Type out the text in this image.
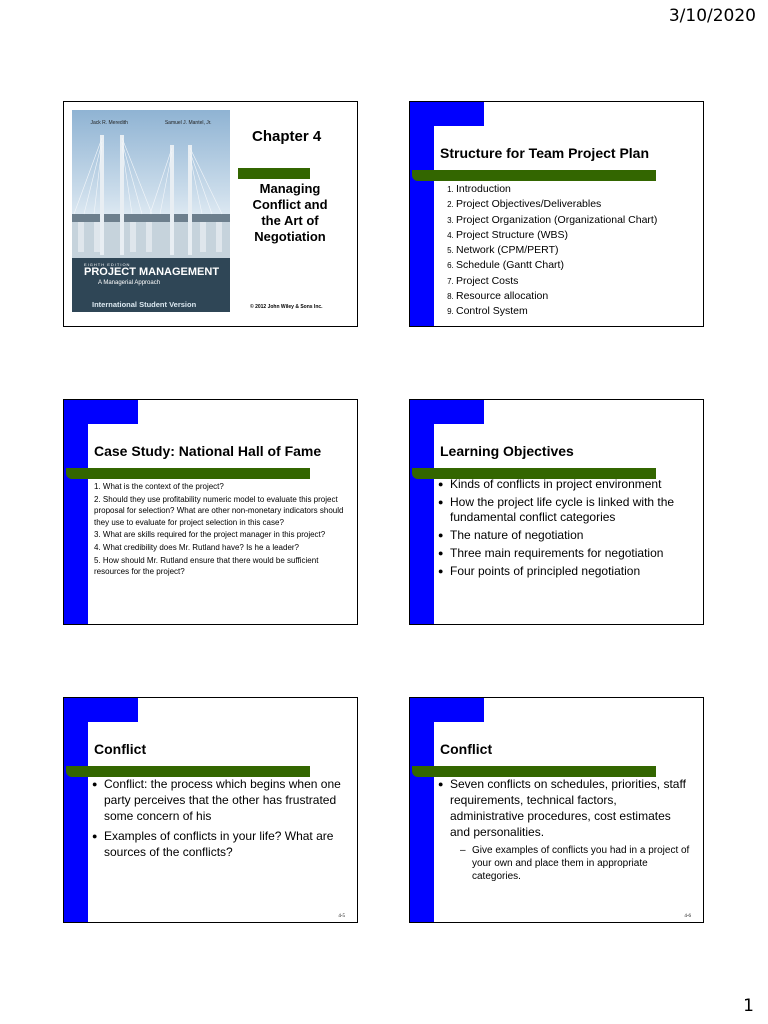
3/10/2020
Jack R. Meredith	Samuel J. Mantel, Jr.
EIGHTH EDITION
PROJECT MANAGEMENT
A Managerial Approach
International Student Version
Chapter 4
Managing
Conflict and
the Art of
Negotiation
© 2012 John Wiley & Sons Inc.
Structure for Team Project Plan
1. Introduction
2. Project Objectives/Deliverables
3. Project Organization (Organizational Chart)
4. Project Structure (WBS)
5. Network (CPM/PERT)
6. Schedule (Gantt Chart)
7. Project Costs
8. Resource allocation
9. Control System
Case Study: National Hall of Fame

1. What is the context of the project?

2. Should they use profitability numeric model to evaluate this project proposal for selection? What are other non-monetary indicators should they use to evaluate for project selection in this case?

3. What are skills required for the project manager in this project?

4. What credibility does Mr. Rutland have? Is he a leader?

5. How should Mr. Rutland ensure that there would be sufficient resources for the project?

Learning Objectives
● Kinds of conflicts in project environment
● How the project life cycle is linked with the fundamental conflict categories
● The nature of negotiation
● Three main requirements for negotiation
● Four points of principled negotiation
Conflict
● Conflict: the process which begins when one party perceives that the other has frustrated some concern of his
● Examples of conflicts in your life? What are sources of the conflicts?
4-5
Conflict
● Seven conflicts on schedules, priorities, staff requirements, technical factors, administrative procedures, cost estimates and personalities.
– Give examples of conflicts you had in a project of your own and place them in appropriate categories.
4-6
1
